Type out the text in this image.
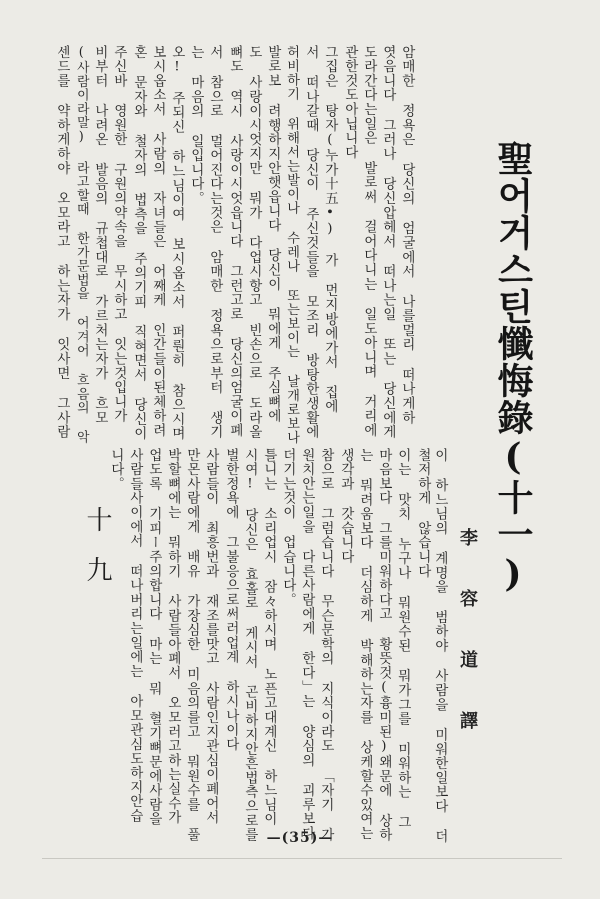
聖어거스틴懺悔錄(十一)
李 容 道 譯
十
九
—(35)—	이 하느님의 계명을 범하야 사람을 미워한일보다 더
철저하게 않습니다
이는 맛치 누구나 뭐원수된 뭐가그를 미워하는 그
마음보다 그를미워하다고 황뜻것(흉미된)왜문에 상하
는 뭐려움보다 더심하게 박해하는자를 상케할수있여는
생각과 갓습니다
참으로 그럼습니다 무슨문학의 지식이라도 「자기 가
원치안는일을 다른사람에게 한다」는 양심의 괴루보다
더기는것이 업습니다。
틀니는 소리업시 잠々하시며 노픈고대계신 하느님이
시여! 당신은 효홀로 게시서 곤비하지안흔법측으로를
벌한정욕에 그불응으로써러업계 하시나이다
사람들이 최흥번과 재조를맛고 사람인지관심이폐어서
만몬사람에게 배유 가장심한 미음의를고 뭐원수를 풀
박할뼈에는 뭐하기 사람들아폐서 오모러고하는실수가
업도록 기피ー주의합니다 마는 뭐 혈기뼈문에사람을
사람들사이에서 떠나버리는일에는 아모관심도하지안습
니다。
암매한 정욕은 당신의 엄굴에서 나를멀리 떠나게하
엿음니다 그러나 당신압헤서 떠나는일 또는 당신에게
도라간다는일은 발로써 걸어다니는 일도아니며 거리에
관한것도아닙니다
그집은 탕자(누가十五•) 가 먼지방에가서 집에
서 떠나갈때 당신이 주신것들을 모조리 방탕한생활에
허비하기 위해서는발이나 수레나 또는보이는 날개로보나
발로보 려행하지안햇읍니다 당신이 뭐에게 주심뼈에
도 사랑이시엇지만 뭐가 다업시항고 빈손으로 도라올
뼈도 역시 사랑이시엇읍니다 그런고로 당신의엄굴이폐
서 참으로 멀어진다는것은 암매한 정욕으로부터 생기
는 마음의 일입니다。
오! 주되신 하느님이여 보시옵소서 퍼뤈히 참으시며
보시옵소서 사람의 자녀들은 어째케 인간들이된체하려
혼 문자와 철자의 법측을 주의기피 직혀면서 당신이
주신바 영원한 구원의약속을 무시하고 잇는것입니가
비부터 나려온 발음의 규첩대로 가르처는자가 흐모
(사람이라말) 라고할때 한가문법을 어겨어 흐음의 악
센드를 약하게하야 오모라고 하는자가 잇사면 그사람
